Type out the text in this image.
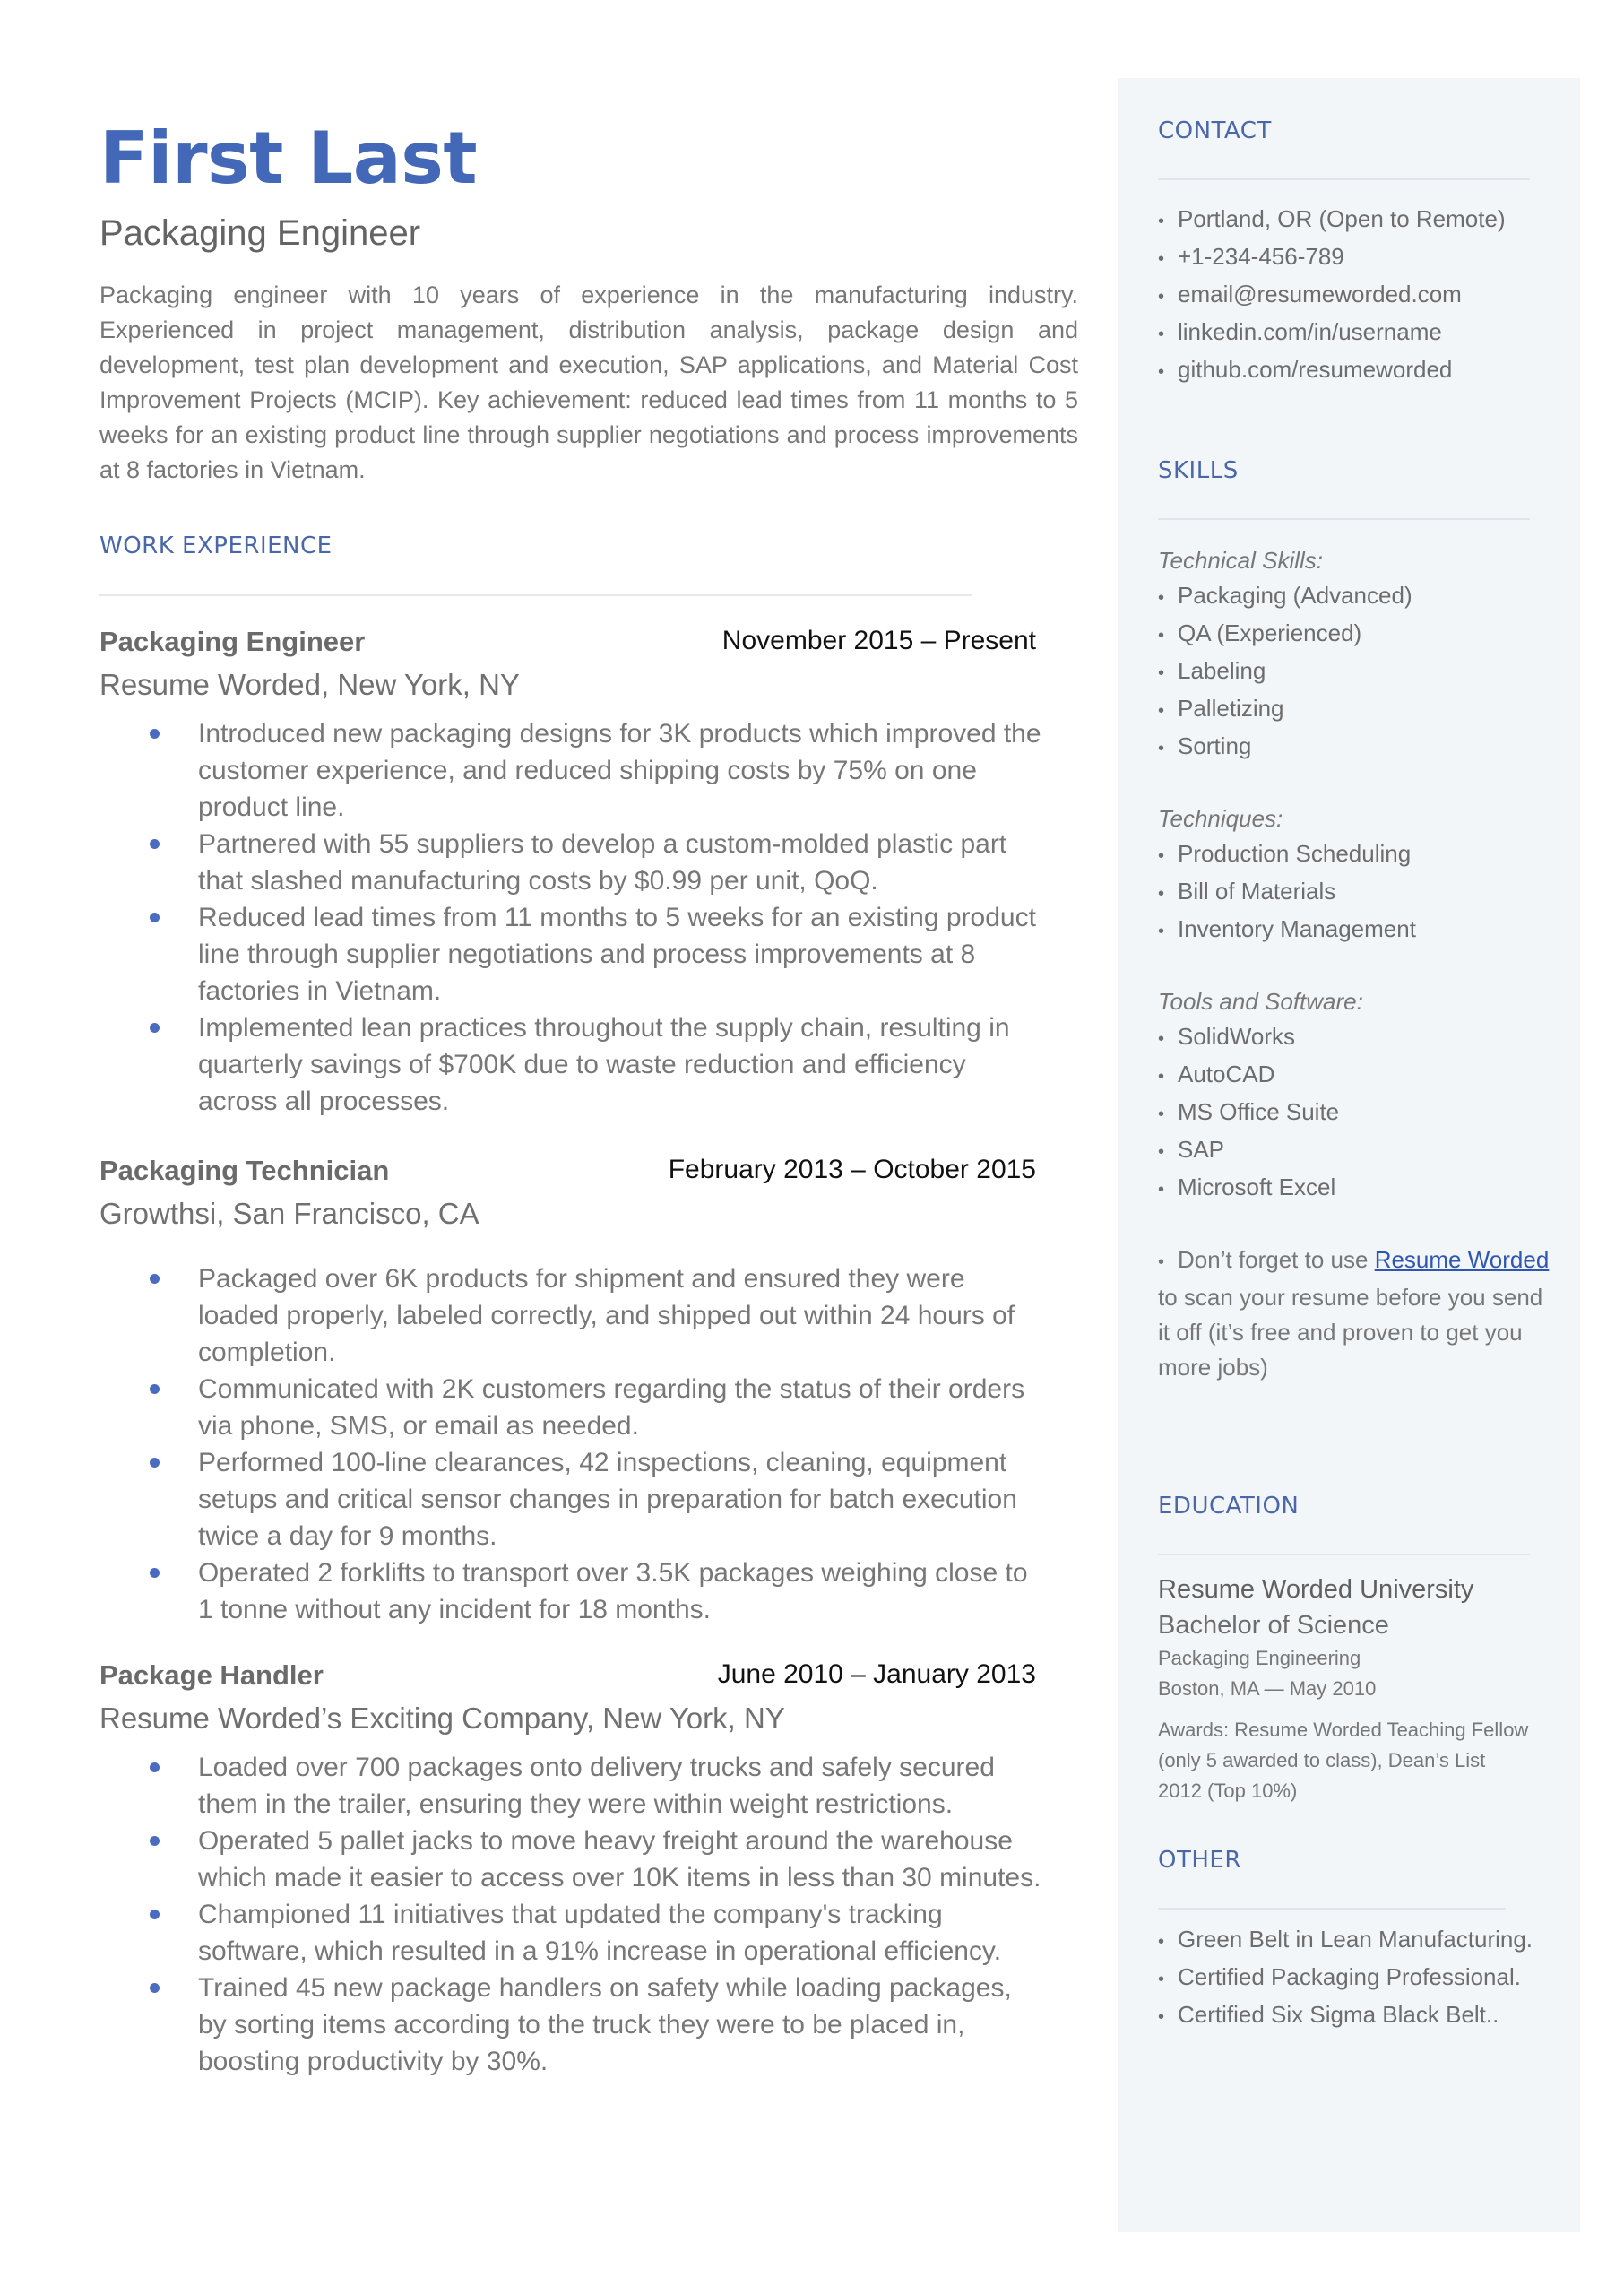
First Last
Packaging Engineer

Packaging engineer with 10 years of experience in the manufacturing industry. Experienced in project management, distribution analysis, package design and development, test plan development and execution, SAP applications, and Material Cost Improvement Projects (MCIP). Key achievement: reduced lead times from 11 months to 5 weeks for an existing product line through supplier negotiations and process improvements at 8 factories in Vietnam.

WORK EXPERIENCE
Packaging Engineer	November 2015 – Present
Resume Worded, New York, NY
Introduced new packaging designs for 3K products which improved the customer experience, and reduced shipping costs by 75% on one product line.
Partnered with 55 suppliers to develop a custom-molded plastic part that slashed manufacturing costs by $0.99 per unit, QoQ.
Reduced lead times from 11 months to 5 weeks for an existing product line through supplier negotiations and process improvements at 8 factories in Vietnam.
Implemented lean practices throughout the supply chain, resulting in quarterly savings of $700K due to waste reduction and efficiency across all processes.
Packaging Technician	February 2013 – October 2015
Growthsi, San Francisco, CA
Packaged over 6K products for shipment and ensured they were loaded properly, labeled correctly, and shipped out within 24 hours of completion.
Communicated with 2K customers regarding the status of their orders via phone, SMS, or email as needed.
Performed 100-line clearances, 42 inspections, cleaning, equipment setups and critical sensor changes in preparation for batch execution twice a day for 9 months.
Operated 2 forklifts to transport over 3.5K packages weighing close to 1 tonne without any incident for 18 months.
Package Handler	June 2010 – January 2013
Resume Worded’s Exciting Company, New York, NY
Loaded over 700 packages onto delivery trucks and safely secured them in the trailer, ensuring they were within weight restrictions.
Operated 5 pallet jacks to move heavy freight around the warehouse which made it easier to access over 10K items in less than 30 minutes.
Championed 11 initiatives that updated the company's tracking software, which resulted in a 91% increase in operational efficiency.
Trained 45 new package handlers on safety while loading packages, by sorting items according to the truck they were to be placed in, boosting productivity by 30%.
CONTACT
• Portland, OR (Open to Remote)
• +1-234-456-789
• email@resumeworded.com
• linkedin.com/in/username
• github.com/resumeworded
SKILLS
Technical Skills:
• Packaging (Advanced)
• QA (Experienced)
• Labeling
• Palletizing
• Sorting
Techniques:
• Production Scheduling
• Bill of Materials
• Inventory Management
Tools and Software:
• SolidWorks
• AutoCAD
• MS Office Suite
• SAP
• Microsoft Excel

• Don’t forget to use Resume Worded to scan your resume before you send it off (it’s free and proven to get you more jobs)

EDUCATION
Resume Worded University
Bachelor of Science
Packaging Engineering
Boston, MA — May 2010
Awards: Resume Worded Teaching Fellow (only 5 awarded to class), Dean’s List 2012 (Top 10%)
OTHER
• Green Belt in Lean Manufacturing.
• Certified Packaging Professional.
• Certified Six Sigma Black Belt..
